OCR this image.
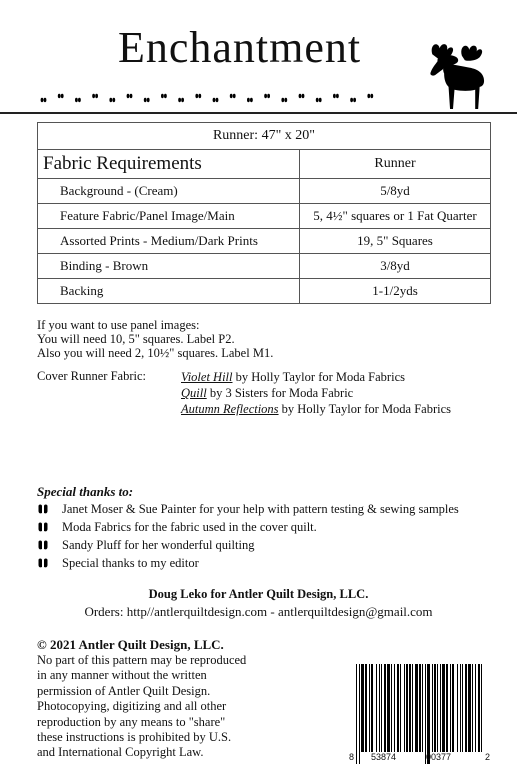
Enchantment
Runner: 47" x 20"	
Fabric Requirements	Runner
Background - (Cream)	5/8yd
Feature Fabric/Panel Image/Main	5, 4½" squares or 1 Fat Quarter
Assorted Prints - Medium/Dark Prints	19, 5" Squares
Binding - Brown	3/8yd
Backing	1-1/2yds
If you want to use panel images:
You will need 10, 5" squares. Label P2.
Also you will need 2, 10½" squares. Label M1.
Cover Runner Fabric:	Violet Hill by Holly Taylor for Moda Fabrics
Quill by 3 Sisters for Moda Fabric
Autumn Reflections by Holly Taylor for Moda Fabrics
Special thanks to:
Janet Moser & Sue Painter for your help with pattern testing & sewing samples
Moda Fabrics for the fabric used in the cover quilt.
Sandy Pluff for her wonderful quilting
Special thanks to my editor
Doug Leko for Antler Quilt Design, LLC.
Orders: http//antlerquiltdesign.com - antlerquiltdesign@gmail.com
© 2021 Antler Quilt Design, LLC.
No part of this pattern may be reproduced
in any manner without the written
permission of Antler Quilt Design.
Photocopying, digitizing and all other
reproduction by any means to "share"
these instructions is prohibited by U.S.
and International Copyright Law.	8 53874	00377	2
